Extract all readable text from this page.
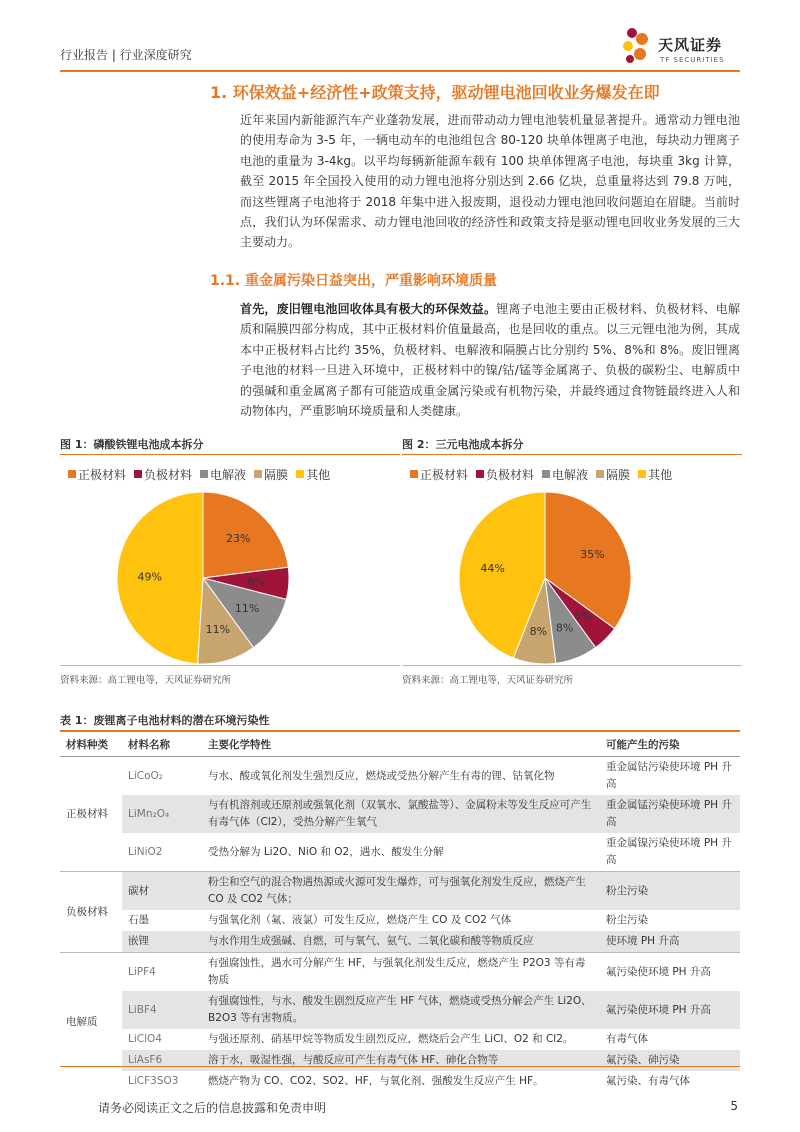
行业报告 | 行业深度研究
天风证券
TF SECURITIES
1. 环保效益+经济性+政策支持，驱动锂电池回收业务爆发在即
近年来国内新能源汽车产业蓬勃发展，进而带动动力锂电池装机量显著提升。通常动力锂电池的使用寿命为 3-5 年，一辆电动车的电池组包含 80-120 块单体锂离子电池，每块动力锂离子电池的重量为 3-4kg。以平均每辆新能源车载有 100 块单体锂离子电池，每块重 3kg 计算，截至 2015 年全国投入使用的动力锂电池将分别达到 2.66 亿块，总重量将达到 79.8 万吨，而这些锂离子电池将于 2018 年集中进入报废期，退役动力锂电池回收问题迫在眉睫。当前时点，我们认为环保需求、动力锂电池回收的经济性和政策支持是驱动锂电回收业务发展的三大主要动力。
1.1. 重金属污染日益突出，严重影响环境质量
首先，废旧锂电池回收体具有极大的环保效益。锂离子电池主要由正极材料、负极材料、电解质和隔膜四部分构成，其中正极材料价值量最高，也是回收的重点。以三元锂电池为例，其成本中正极材料占比约 35%，负极材料、电解液和隔膜占比分别约 5%、8%和 8%。废旧锂离子电池的材料一旦进入环境中，正极材料中的镍/钴/锰等金属离子、负极的碳粉尘、电解质中的强碱和重金属离子都有可能造成重金属污染或有机物污染，并最终通过食物链最终进入人和动物体内，严重影响环境质量和人类健康。
图 1：磷酸铁锂电池成本拆分
正极材料 负极材料 电解液 隔膜 其他
23%
6%
11%
11%
49%
图 2：三元电池成本拆分
正极材料 负极材料 电解液 隔膜 其他
35%
5%
8%
8%
44%
资料来源：高工锂电等，天风证券研究所	资料来源：高工锂电等，天风证券研究所
表 1：废锂离子电池材料的潜在环境污染性
材料种类	材料名称	主要化学特性	可能产生的污染
正极材料	LiCoO₂	与水、酸或氧化剂发生强烈反应，燃烧或受热分解产生有毒的锂、钴氧化物	重金属钴污染使环境 PH 升高
	LiMn₂O₄	与有机溶剂或还原剂或强氧化剂（双氧水、氯酸盐等）、金属粉末等发生反应可产生有毒气体（Cl2），受热分解产生氧气	重金属锰污染使环境 PH 升高
	LiNiO2	受热分解为 Li2O、NiO 和 O2，遇水、酸发生分解	重金属镍污染使环境 PH 升高
负极材料	碳材	粉尘和空气的混合物遇热源或火源可发生爆炸，可与强氧化剂发生反应，燃烧产生 CO 及 CO2 气体；	粉尘污染
	石墨	与强氧化剂（氟、液氯）可发生反应，燃烧产生 CO 及 CO2 气体	粉尘污染
	嵌锂	与水作用生成强碱、自燃，可与氧气、氨气、二氧化碳和酸等物质反应	使环境 PH 升高
电解质	LiPF4	有强腐蚀性，遇水可分解产生 HF，与强氧化剂发生反应，燃烧产生 P2O3 等有毒物质	氟污染使环境 PH 升高
	LiBF4	有强腐蚀性，与水、酸发生剧烈反应产生 HF 气体，燃烧或受热分解会产生 Li2O、B2O3 等有害物质。	氟污染使环境 PH 升高
	LiClO4	与强还原剂、硝基甲烷等物质发生剧烈反应，燃烧后会产生 LiCl、O2 和 Cl2。	有毒气体
	LiAsF6	溶于水，吸湿性强，与酸反应可产生有毒气体 HF、砷化合物等	氟污染、砷污染
	LiCF3SO3	燃烧产物为 CO、CO2、SO2、HF，与氧化剂、强酸发生反应产生 HF。	氟污染、有毒气体
请务必阅读正文之后的信息披露和免责申明	5
